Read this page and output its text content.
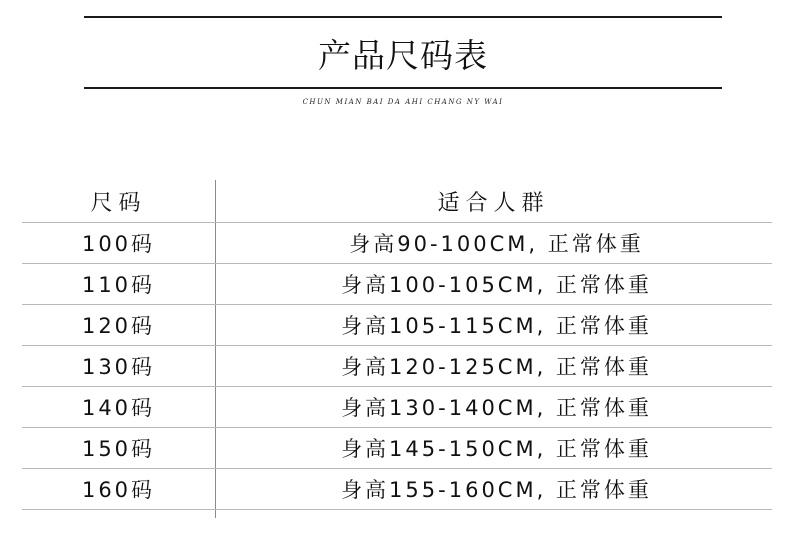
产品尺码表
CHUN MIAN BAI DA AHI CHANG NY WAI
尺码	适合人群
100码	身高90-100CM, 正常体重
110码	身高100-105CM, 正常体重
120码	身高105-115CM, 正常体重
130码	身高120-125CM, 正常体重
140码	身高130-140CM, 正常体重
150码	身高145-150CM, 正常体重
160码	身高155-160CM, 正常体重
